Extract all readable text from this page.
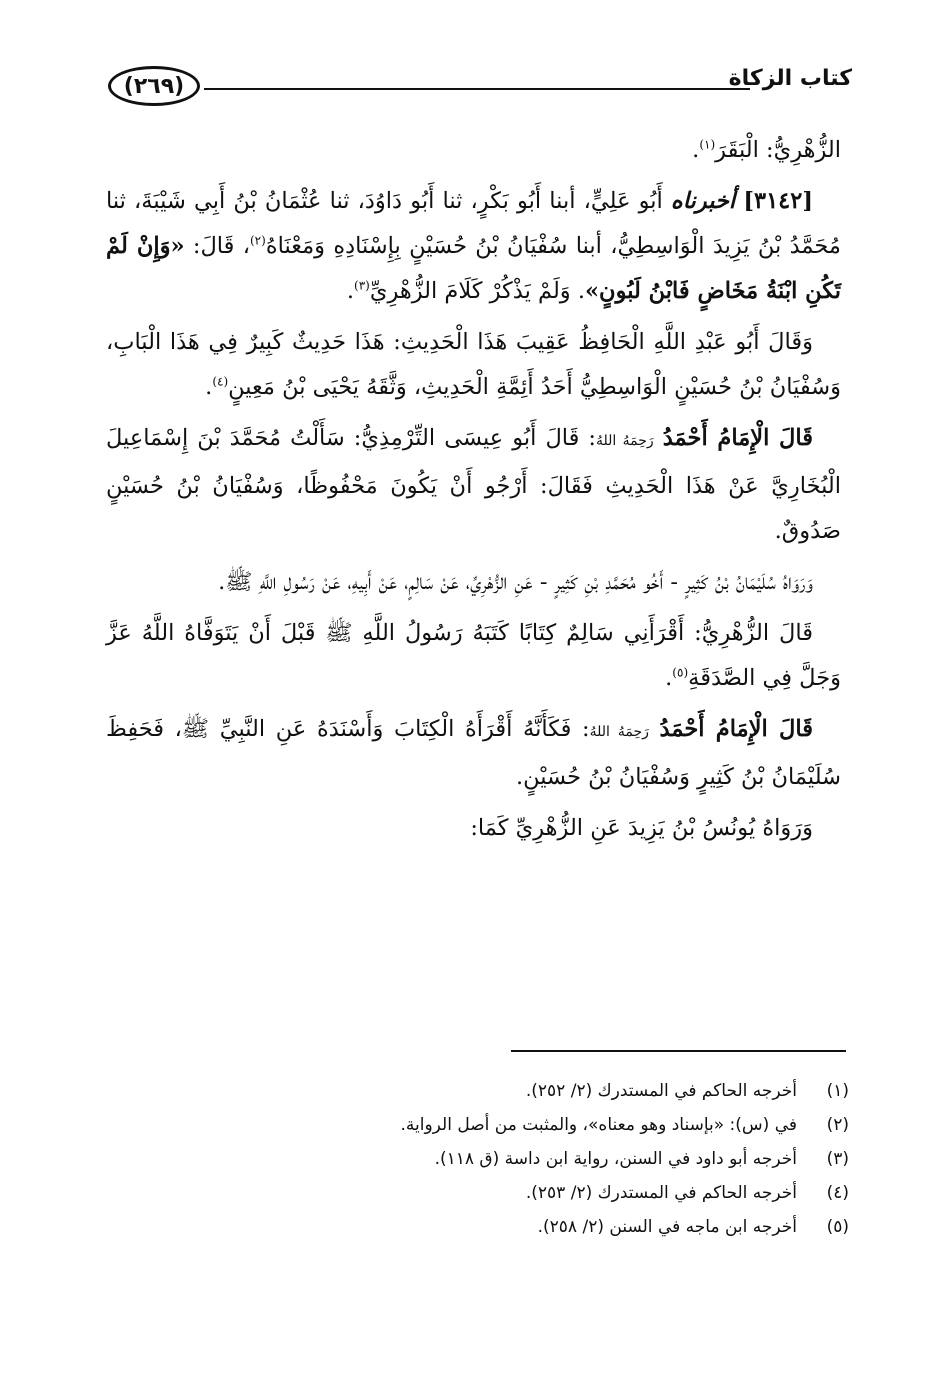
(٢٦٩)	كتاب الزكاة

الزُّهْرِيُّ: الْبَقَرَ$^{(١)}$.

[٣١٤٢] أخبرناه أَبُو عَلِيٍّ، أبنا أَبُو بَكْرٍ، ثنا أَبُو دَاوُدَ، ثنا عُثْمَانُ بْنُ أَبِي شَيْبَةَ، ثنا مُحَمَّدُ بْنُ يَزِيدَ الْوَاسِطِيُّ، أبنا سُفْيَانُ بْنُ حُسَيْنٍ بِإِسْنَادِهِ وَمَعْنَاهُ$^{(٢)}$، قَالَ: «وَإِنْ لَمْ تَكُنِ ابْنَةُ مَخَاضٍ فَابْنُ لَبُونٍ». وَلَمْ يَذْكُرْ كَلَامَ الزُّهْرِيِّ$^{(٣)}$.

وَقَالَ أَبُو عَبْدِ اللَّهِ الْحَافِظُ عَقِيبَ هَذَا الْحَدِيثِ: هَذَا حَدِيثٌ كَبِيرٌ فِي هَذَا الْبَابِ، وَسُفْيَانُ بْنُ حُسَيْنٍ الْوَاسِطِيُّ أَحَدُ أَئِمَّةِ الْحَدِيثِ، وَثَّقَهُ يَحْيَى بْنُ مَعِينٍ$^{(٤)}$.

قَالَ الْإِمَامُ أَحْمَدُ رَحِمَهُ اللهُ: قَالَ أَبُو عِيسَى التِّرْمِذِيُّ: سَأَلْتُ مُحَمَّدَ بْنَ إِسْمَاعِيلَ الْبُخَارِيَّ عَنْ هَذَا الْحَدِيثِ فَقَالَ: أَرْجُو أَنْ يَكُونَ مَحْفُوظًا، وَسُفْيَانُ بْنُ حُسَيْنٍ صَدُوقٌ.

وَرَوَاهُ سُلَيْمَانُ بْنُ كَثِيرٍ - أَخُو مُحَمَّدِ بْنِ كَثِيرٍ - عَنِ الزُّهْرِيِّ، عَنْ سَالِمٍ، عَنْ أَبِيهِ، عَنْ رَسُولِ اللَّهِ ﷺ.

قَالَ الزُّهْرِيُّ: أَقْرَأَنِي سَالِمٌ كِتَابًا كَتَبَهُ رَسُولُ اللَّهِ ﷺ قَبْلَ أَنْ يَتَوَفَّاهُ اللَّهُ عَزَّ وَجَلَّ فِي الصَّدَقَةِ$^{(٥)}$.

قَالَ الْإِمَامُ أَحْمَدُ رَحِمَهُ اللهُ: فَكَأَنَّهُ أَقْرَأَهُ الْكِتَابَ وَأَسْنَدَهُ عَنِ النَّبِيِّ ﷺ، فَحَفِظَ سُلَيْمَانُ بْنُ كَثِيرٍ وَسُفْيَانُ بْنُ حُسَيْنٍ.

وَرَوَاهُ يُونُسُ بْنُ يَزِيدَ عَنِ الزُّهْرِيِّ كَمَا:

(١)
أخرجه الحاكم في المستدرك (٢/ ٢٥٢).
(٢)
في (س): «بإسناد وهو معناه»، والمثبت من أصل الرواية.
(٣)
أخرجه أبو داود في السنن، رواية ابن داسة (ق ١١٨).
(٤)
أخرجه الحاكم في المستدرك (٢/ ٢٥٣).
(٥)
أخرجه ابن ماجه في السنن (٢/ ٢٥٨).
